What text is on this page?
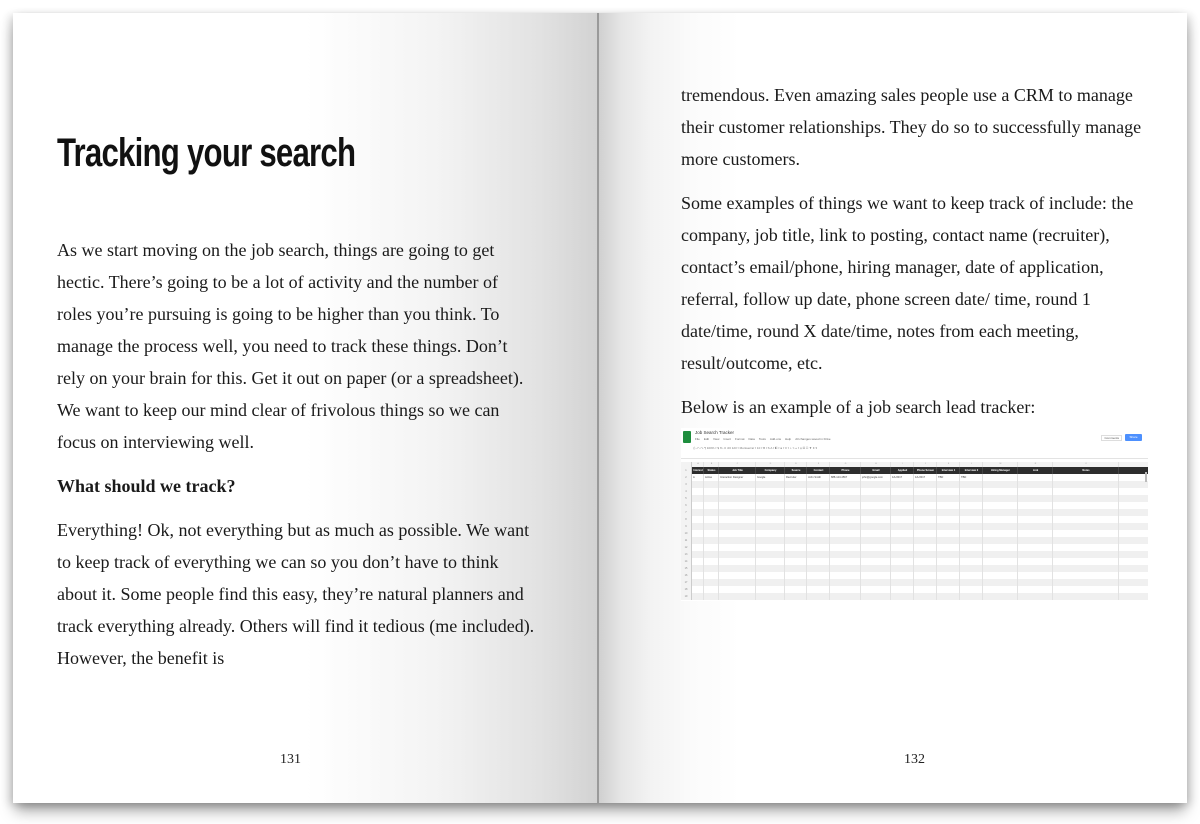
Tracking your search

As we start moving on the job search, things are going to get hectic. There’s going to be a lot of activity and the number of roles you’re pursuing is going to be higher than you think. To manage the process well, you need to track these things. Don’t rely on your brain for this. Get it out on paper (or a spreadsheet). We want to keep our mind clear of frivolous things so we can focus on interviewing well.

What should we track?

Everything! Ok, not everything but as much as possible. We want to keep track of everything we can so you don’t have to think about it. Some people find this easy, they’re natural planners and track everything already. Others will find it tedious (me included). However, the benefit is

131

tremendous. Even amazing sales people use a CRM to manage their customer relationships. They do so to successfully manage more customers.

Some examples of things we want to keep track of include: the company, job title, link to posting, contact name (recruiter), contact’s email/phone, hiring manager, date of application, referral, follow up date, phone screen date/ time, round 1 date/time, round X date/time, notes from each meeting, result/outcome, etc.

Below is an example of a job search lead tracker:

Job Search Tracker
File Edit View Insert Format Data Tools Add-ons Help All changes saved in Drive
⎙ ↶ ↷ ¶ 100% ▾ $ % .0 .00 123 ▾ Montserrat ▾ 10 ▾ B I S A ▾ ◧ ▾ ⊞ ▾ ≡ ▾ ⊥ ▾ ↦ ▾ ⊕ ▣ ▤ ▼ Σ ▾
Comments	Share
A	B	C	D	E	F	G	H	I	J	K	L	M	N	O
1	Interest	Status	Job Title	Company	Source	Contact	Phone	Email	Applied	Phone Screen	Interview 1	Interview 2	Hiring Manager	Link	Notes
2	A	Active	Interaction Designer	Google	Recruiter	John Smith	888-123-4567	john@google.com	1/1/2017	1/1/2017	TBD	TBD
3
4
5
6
7
8
9
10
11
12
13
14
15
16
17
18
19
132
